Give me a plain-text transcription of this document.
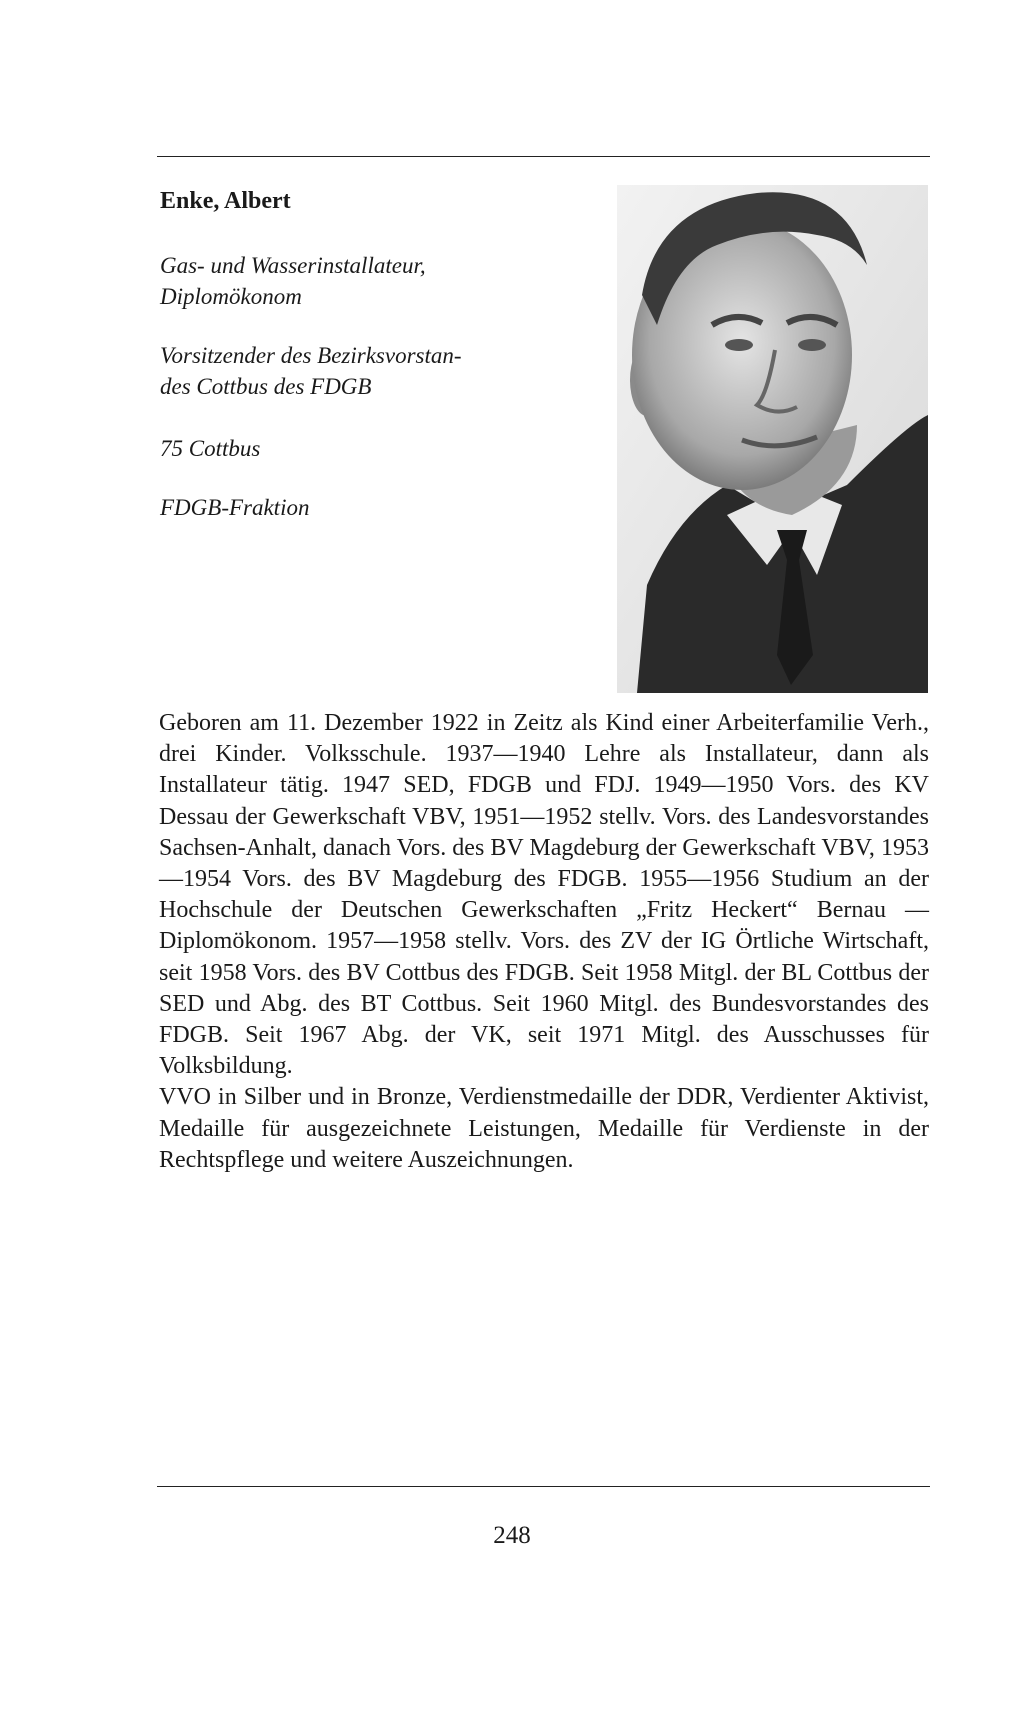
Enke, Albert
Gas- und Wasserinstallateur,
Diplomökonom
Vorsitzender des Bezirksvorstan-
des Cottbus des FDGB
75 Cottbus
FDGB-Fraktion

Geboren am 11. Dezember 1922 in Zeitz als Kind einer Arbeiterfamilie Verh., drei Kinder. Volksschule. 1937—1940 Lehre als Installateur, dann als Installateur tätig. 1947 SED, FDGB und FDJ. 1949—1950 Vors. des KV Dessau der Gewerkschaft VBV, 1951—1952 stellv. Vors. des Landesvorstandes Sachsen-Anhalt, danach Vors. des BV Magdeburg der Gewerkschaft VBV, 1953—1954 Vors. des BV Magdeburg des FDGB. 1955—1956 Studium an der Hochschule der Deutschen Gewerkschaften „Fritz Heckert“ Bernau — Diplomökonom. 1957—1958 stellv. Vors. des ZV der IG Örtliche Wirtschaft, seit 1958 Vors. des BV Cottbus des FDGB. Seit 1958 Mitgl. der BL Cottbus der SED und Abg. des BT Cottbus. Seit 1960 Mitgl. des Bundesvorstandes des FDGB. Seit 1967 Abg. der VK, seit 1971 Mitgl. des Ausschusses für Volksbildung.

VVO in Silber und in Bronze, Verdienstmedaille der DDR, Verdienter Aktivist, Medaille für ausgezeichnete Leistungen, Medaille für Verdienste in der Rechtspflege und weitere Auszeichnungen.

248
